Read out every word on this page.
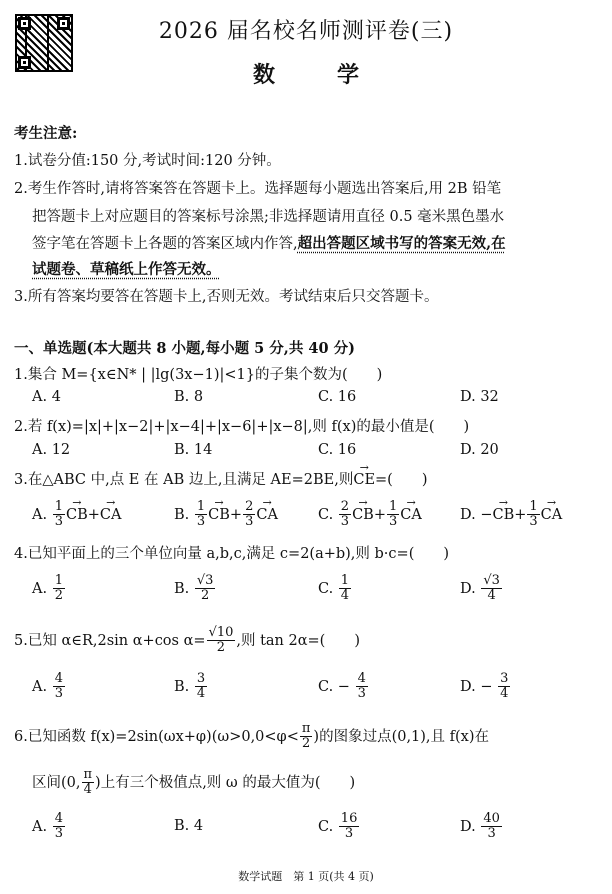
2026 届名校名师测评卷(三)
数　学
考生注意:
1.试卷分值:150 分,考试时间:120 分钟。
2.考生作答时,请将答案答在答题卡上。选择题每小题选出答案后,用 2B 铅笔
把答题卡上对应题目的答案标号涂黑;非选择题请用直径 0.5 毫米黑色墨水
签字笔在答题卡上各题的答案区域内作答,超出答题区域书写的答案无效,在
试题卷、草稿纸上作答无效。
3.所有答案均要答在答题卡上,否则无效。考试结束后只交答题卡。
一、单选题(本大题共 8 小题,每小题 5 分,共 40 分)
1.集合 M={x∈N* | |lg(3x−1)|<1}的子集个数为(　　)
A. 4	B. 8	C. 16	D. 32
2.若 f(x)=|x|+|x−2|+|x−4|+|x−6|+|x−8|,则 f(x)的最小值是(　　)
A. 12	B. 14	C. 16	D. 20
3.在△ABC 中,点 E 在 AB 边上,且满足 AE=2BE,则→ CE=(　　)
A. $\frac{1}{3}$
→ CB+→ CA	B. $\frac{1}{3}$
→ $CB+ \frac{2}{3}$
→ CA	C. $\frac{2}{3}$
→ $CB+ \frac{1}{3}$
→ CA	D. −→ $CB+ \frac{1}{3}$
→ CA
4.已知平面上的三个单位向量 a,b,c,满足 c=2(a+b),则 b·c=(　　)
A. $\frac{1}{2}$	B. $\frac{√3}{2}$	C. $\frac{1}{4}$	D. $\frac{√3}{4}$
5.已知 α∈R,2sin α+cos $\alpha= \frac{√10}{2}$ ,则 tan 2α=(　　)
A. $\frac{4}{3}$	B. $\frac{3}{4}$	C. − $\frac{4}{3}$	D. − $\frac{3}{4}$
6.已知函数 $f(x)=2\sin(\omega x+\varphi)(\omega>0,0<\varphi< \frac{\pi}{2}$ )的图象过点(0,1),且 f(x)在
区间(0, $\frac{\pi}{4}$ )上有三个极值点,则 ω 的最大值为(　　)
A. $\frac{4}{3}$	B. 4	C. $\frac{16}{3}$	D. $\frac{40}{3}$
数学试题　第 1 页(共 4 页)
